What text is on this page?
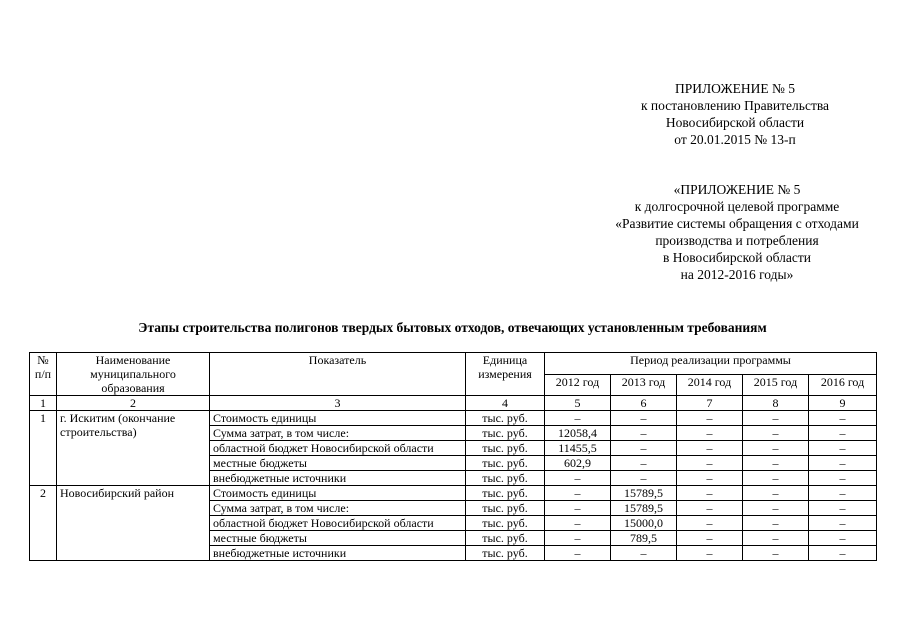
ПРИЛОЖЕНИЕ № 5
к постановлению Правительства
Новосибирской области
от 20.01.2015 № 13-п
«ПРИЛОЖЕНИЕ № 5
к долгосрочной целевой программе
«Развитие системы обращения с отходами
производства и потребления
в Новосибирской области
на 2012-2016 годы»
Этапы строительства полигонов твердых бытовых отходов, отвечающих установленным требованиям
№ п/п	Наименование муниципального образования	Показатель	Единица измерения	Период реализации программы				
				2012 год	2013 год	2014 год	2015 год	2016 год
1	2	3	4	5	6	7	8	9
1	г. Искитим (окончание строительства)	Стоимость единицы	тыс. руб.	–	–	–	–	–
		Сумма затрат, в том числе:	тыс. руб.	12058,4	–	–	–	–
		областной бюджет Новосибирской области	тыс. руб.	11455,5	–	–	–	–
		местные бюджеты	тыс. руб.	602,9	–	–	–	–
		внебюджетные источники	тыс. руб.	–	–	–	–	–
2	Новосибирский район	Стоимость единицы	тыс. руб.	–	15789,5	–	–	–
		Сумма затрат, в том числе:	тыс. руб.	–	15789,5	–	–	–
		областной бюджет Новосибирской области	тыс. руб.	–	15000,0	–	–	–
		местные бюджеты	тыс. руб.	–	789,5	–	–	–
		внебюджетные источники	тыс. руб.	–	–	–	–	–
